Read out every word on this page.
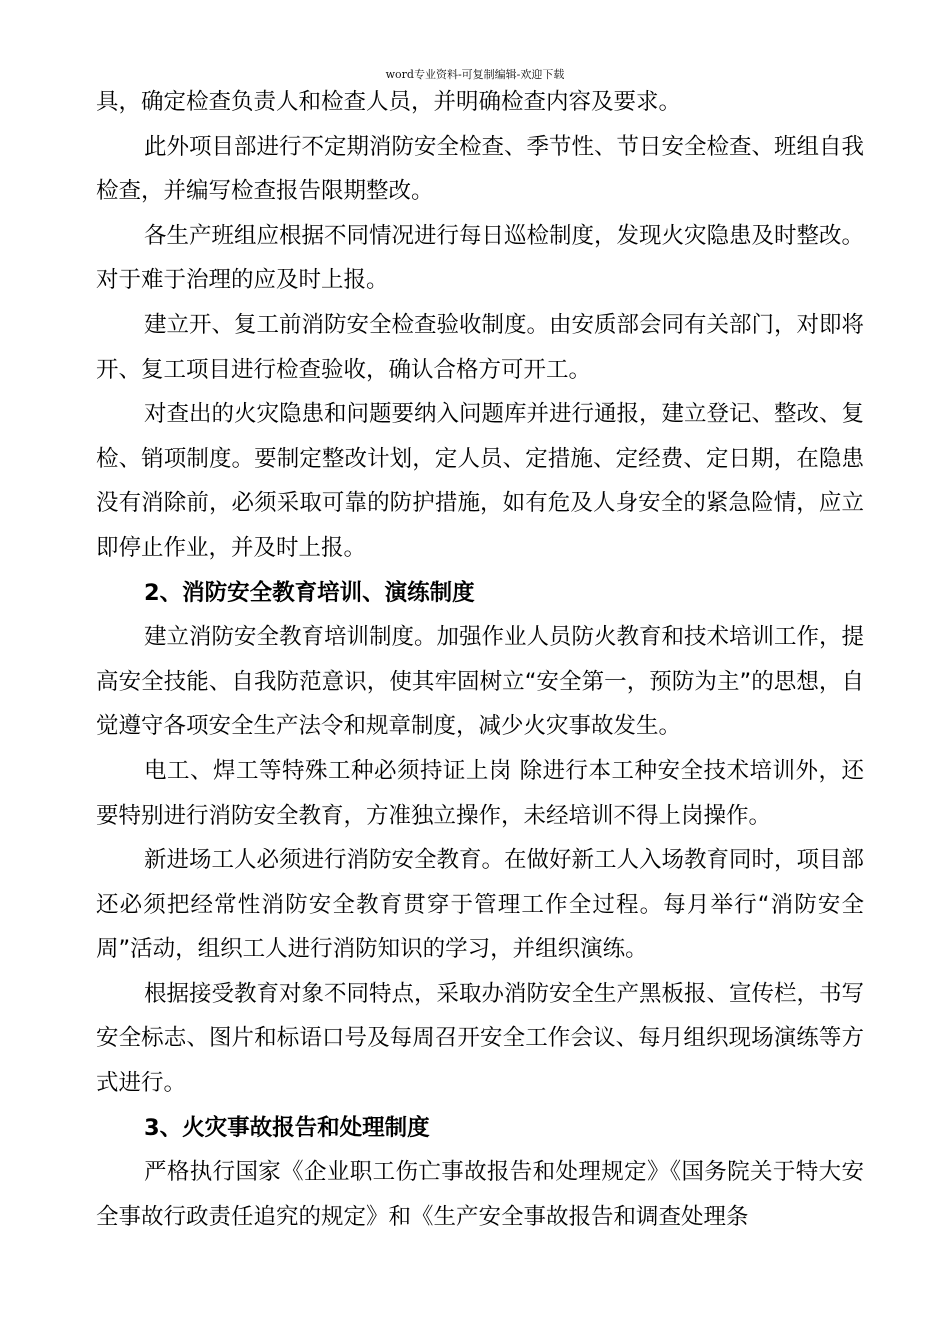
word专业资料-可复制编辑-欢迎下载

具，确定检查负责人和检查人员，并明确检查内容及要求。

此外项目部进行不定期消防安全检查、季节性、节日安全检查、班组自我检查，并编写检查报告限期整改。

各生产班组应根据不同情况进行每日巡检制度，发现火灾隐患及时整改。对于难于治理的应及时上报。

建立开、复工前消防安全检查验收制度。由安质部会同有关部门，对即将开、复工项目进行检查验收，确认合格方可开工。

对查出的火灾隐患和问题要纳入问题库并进行通报，建立登记、整改、复检、销项制度。要制定整改计划，定人员、定措施、定经费、定日期，在隐患没有消除前，必须采取可靠的防护措施，如有危及人身安全的紧急险情，应立即停止作业，并及时上报。

2、消防安全教育培训、演练制度

建立消防安全教育培训制度。加强作业人员防火教育和技术培训工作，提高安全技能、自我防范意识，使其牢固树立“安全第一，预防为主”的思想，自觉遵守各项安全生产法令和规章制度，减少火灾事故发生。

电工、焊工等特殊工种必须持证上岗 除进行本工种安全技术培训外，还要特别进行消防安全教育，方准独立操作，未经培训不得上岗操作。

新进场工人必须进行消防安全教育。在做好新工人入场教育同时，项目部还必须把经常性消防安全教育贯穿于管理工作全过程。每月举行“消防安全周”活动，组织工人进行消防知识的学习，并组织演练。

根据接受教育对象不同特点，采取办消防安全生产黑板报、宣传栏，书写安全标志、图片和标语口号及每周召开安全工作会议、每月组织现场演练等方式进行。

3、火灾事故报告和处理制度

严格执行国家《企业职工伤亡事故报告和处理规定》《国务院关于特大安全事故行政责任追究的规定》和《生产安全事故报告和调查处理条
